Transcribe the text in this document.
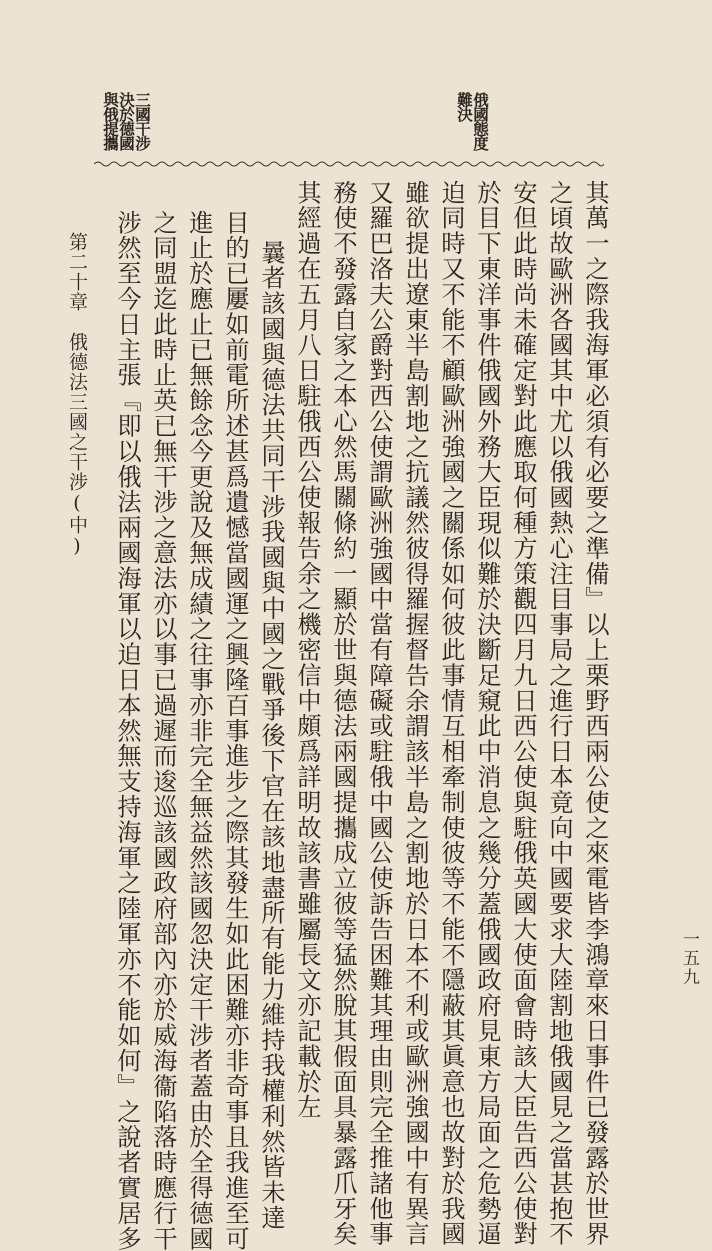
三國干涉
決於德國
與俄提攜	俄國態度
難決
其萬一之際我海軍必須有必要之準備』以上栗野西兩公使之來電皆李鴻章來日事件已發露於世界
之頃故歐洲各國其中尤以俄國熱心注目事局之進行日本竟向中國要求大陸割地俄國見之當甚抱不
安但此時尚未確定對此應取何種方策觀四月九日西公使與駐俄英國大使面會時該大臣告西公使對
於目下東洋事件俄國外務大臣現似難於決斷足窺此中消息之幾分蓋俄國政府見東方局面之危勢逼
迫同時又不能不顧歐洲強國之關係如何彼此事情互相牽制使彼等不能不隱蔽其眞意也故對於我國
雖欲提出遼東半島割地之抗議然彼得羅握督告余謂該半島之割地於日本不利或歐洲強國中有異言
又羅巴洛夫公爵對西公使謂歐洲強國中當有障礙或駐俄中國公使訴告困難其理由則完全推諸他事
務使不發露自家之本心然馬關條約一顯於世與德法兩國提攜成立彼等猛然脫其假面具暴露爪牙矣
其經過在五月八日駐俄西公使報告余之機密信中頗爲詳明故該書雖屬長文亦記載於左
曩者該國與德法共同干涉我國與中國之戰爭後下官在該地盡所有能力維持我權利然皆未達
目的已屢如前電所述甚爲遺憾當國運之興隆百事進步之際其發生如此困難亦非奇事且我進至可
進止於應止已無餘念今更說及無成績之往事亦非完全無益然該國忽決定干涉者蓋由於全得德國
之同盟迄此時止英已無干涉之意法亦以事已過遲而逡巡該國政府部內亦於威海衞陷落時應行干
涉然至今日主張『即以俄法兩國海軍以迫日本然無支持海軍之陸軍亦不能如何』之說者實居多
第二十章　俄德法三國之干涉(中)
一五九
